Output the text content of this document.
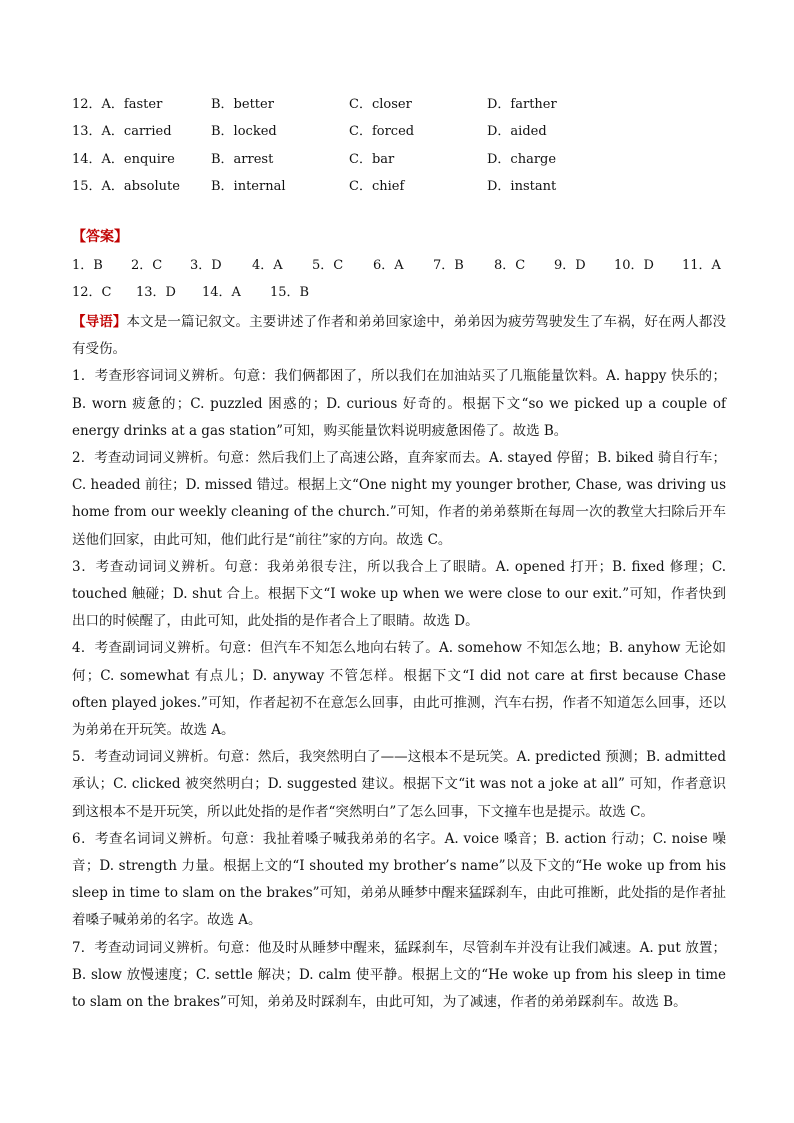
12．A．faster	B．better	C．closer	D．farther
13．A．carried	B．locked	C．forced	D．aided
14．A．enquire	B．arrest	C．bar	D．charge
15．A．absolute B．internal	C．chief	D．instant
【答案】
1．B 2．C 3．D 4．A 5．C 6．A 7．B 8．C 9．D 10．D 11．A
12．C 13．D 14．A 15．B

【导语】本文是一篇记叙文。主要讲述了作者和弟弟回家途中，弟弟因为疲劳驾驶发生了车祸，好在两人都没有受伤。

1．考查形容词词义辨析。句意：我们俩都困了，所以我们在加油站买了几瓶能量饮料。A. happy 快乐的；B. worn 疲惫的；C. puzzled 困惑的；D. curious 好奇的。根据下文“so we picked up a couple of energy drinks at a gas station”可知，购买能量饮料说明疲惫困倦了。故选 B。

2．考查动词词义辨析。句意：然后我们上了高速公路，直奔家而去。A. stayed 停留；B. biked 骑自行车；C. headed 前往；D. missed 错过。根据上文“One night my younger brother, Chase, was driving us home from our weekly cleaning of the church.”可知，作者的弟弟蔡斯在每周一次的教堂大扫除后开车送他们回家，由此可知，他们此行是“前往”家的方向。故选 C。

3．考查动词词义辨析。句意：我弟弟很专注，所以我合上了眼睛。A. opened 打开；B. fixed 修理；C. touched 触碰；D. shut 合上。根据下文“I woke up when we were close to our exit.”可知，作者快到出口的时候醒了，由此可知，此处指的是作者合上了眼睛。故选 D。

4．考查副词词义辨析。句意：但汽车不知怎么地向右转了。A. somehow 不知怎么地；B. anyhow 无论如何；C. somewhat 有点儿；D. anyway 不管怎样。根据下文“I did not care at first because Chase often played jokes.”可知，作者起初不在意怎么回事，由此可推测，汽车右拐，作者不知道怎么回事，还以为弟弟在开玩笑。故选 A。

5．考查动词词义辨析。句意：然后，我突然明白了——这根本不是玩笑。A. predicted 预测；B. admitted 承认；C. clicked 被突然明白；D. suggested 建议。根据下文“it was not a joke at all” 可知，作者意识到这根本不是开玩笑，所以此处指的是作者“突然明白”了怎么回事，下文撞车也是提示。故选 C。

6．考查名词词义辨析。句意：我扯着嗓子喊我弟弟的名字。A. voice 嗓音；B. action 行动；C. noise 噪音；D. strength 力量。根据上文的“I shouted my brother’s name”以及下文的“He woke up from his sleep in time to slam on the brakes”可知，弟弟从睡梦中醒来猛踩刹车，由此可推断，此处指的是作者扯着嗓子喊弟弟的名字。故选 A。

7．考查动词词义辨析。句意：他及时从睡梦中醒来，猛踩刹车，尽管刹车并没有让我们减速。A. put 放置；B. slow 放慢速度；C. settle 解决；D. calm 使平静。根据上文的“He woke up from his sleep in time to slam on the brakes”可知，弟弟及时踩刹车，由此可知，为了减速，作者的弟弟踩刹车。故选 B。
